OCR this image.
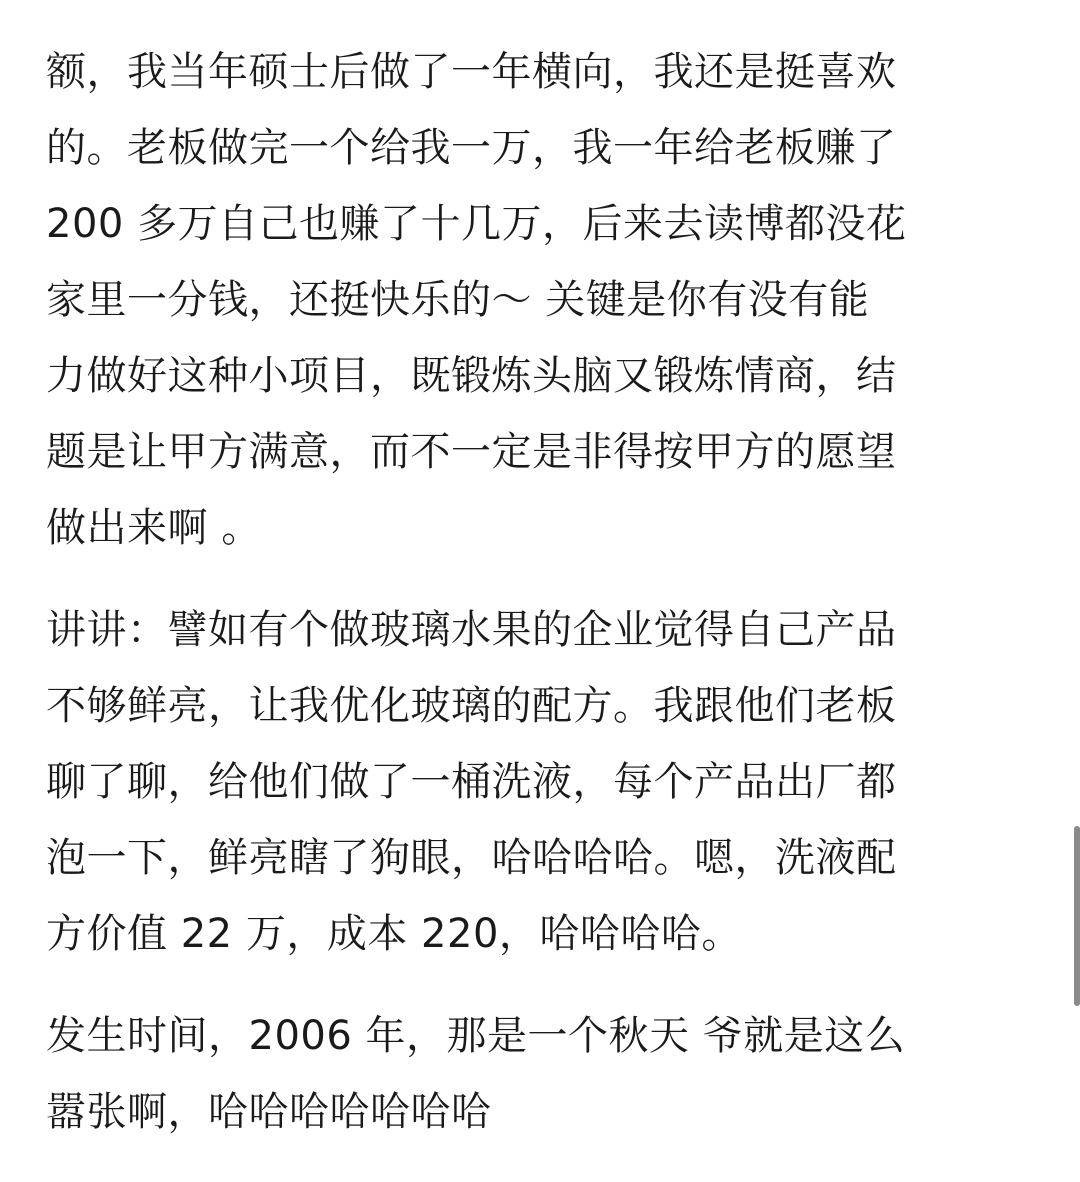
额，我当年硕士后做了一年横向，我还是挺喜欢
的。老板做完一个给我一万，我一年给老板赚了
200 多万自己也赚了十几万，后来去读博都没花
家里一分钱，还挺快乐的～ 关键是你有没有能
力做好这种小项目，既锻炼头脑又锻炼情商，结
题是让甲方满意，而不一定是非得按甲方的愿望
做出来啊 。

讲讲：譬如有个做玻璃水果的企业觉得自己产品
不够鲜亮，让我优化玻璃的配方。我跟他们老板
聊了聊，给他们做了一桶洗液，每个产品出厂都
泡一下，鲜亮瞎了狗眼，哈哈哈哈。嗯，洗液配
方价值 22 万，成本 220，哈哈哈哈。

发生时间，2006 年，那是一个秋天 爷就是这么
嚣张啊，哈哈哈哈哈哈哈
